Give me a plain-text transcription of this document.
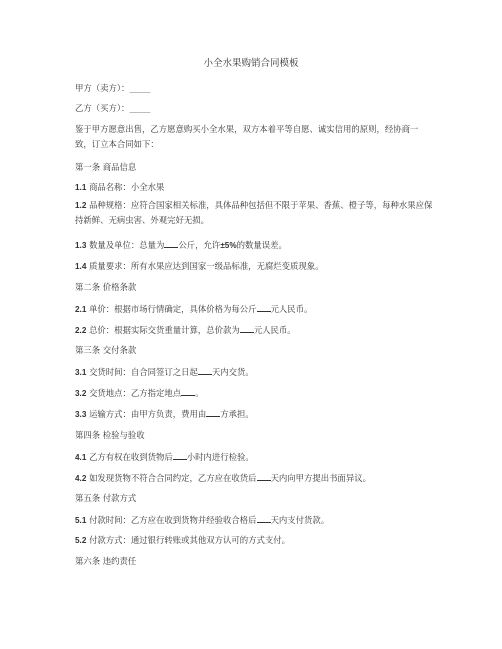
小全水果购销合同模板
甲方（卖方）：_____
乙方（买方）：_____
鉴于甲方愿意出售，乙方愿意购买小全水果，双方本着平等自愿、诚实信用的原则，经协商一致，订立本合同如下：
第一条 商品信息
1.1 商品名称：小全水果
1.2 品种规格：应符合国家相关标准，具体品种包括但不限于苹果、香蕉、橙子等，每种水果应保持新鲜、无病虫害、外观完好无损。
1.3 数量及单位：总量为 公斤，允许±5%的数量误差。
1.4 质量要求：所有水果应达到国家一级品标准，无腐烂变质现象。
第二条 价格条款
2.1 单价：根据市场行情确定，具体价格为每公斤 元人民币。
2.2 总价：根据实际交货重量计算，总价款为 元人民币。
第三条 交付条款
3.1 交货时间：自合同签订之日起 天内交货。
3.2 交货地点：乙方指定地点 。
3.3 运输方式：由甲方负责，费用由 方承担。
第四条 检验与验收
4.1 乙方有权在收到货物后 小时内进行检验。
4.2 如发现货物不符合合同约定，乙方应在收货后 天内向甲方提出书面异议。
第五条 付款方式
5.1 付款时间：乙方应在收到货物并经验收合格后 天内支付货款。
5.2 付款方式：通过银行转账或其他双方认可的方式支付。
第六条 违约责任
